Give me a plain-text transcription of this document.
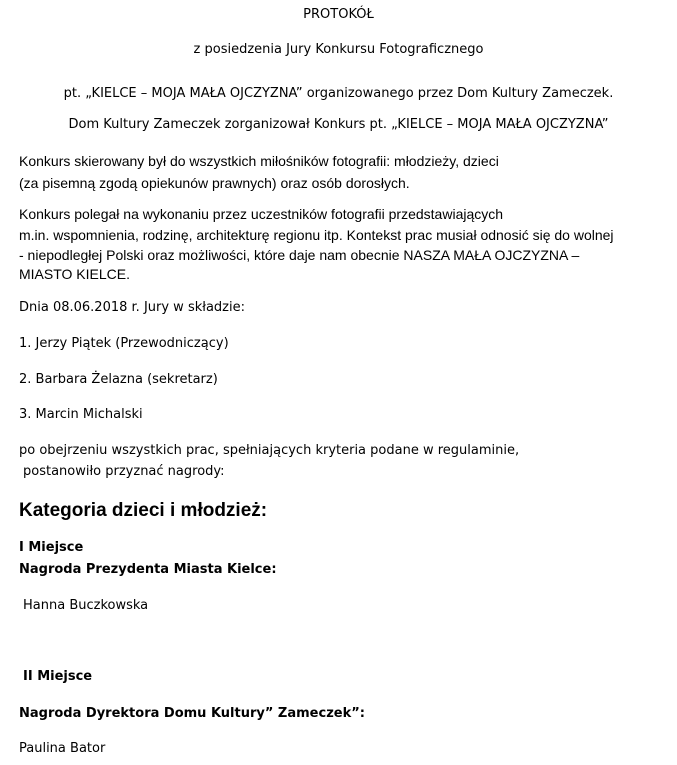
PROTOKÓŁ
z posiedzenia Jury Konkursu Fotograficznego
pt. „KIELCE – MOJA MAŁA OJCZYZNA” organizowanego przez Dom Kultury Zameczek.
Dom Kultury Zameczek zorganizował Konkurs pt. „KIELCE – MOJA MAŁA OJCZYZNA”
Konkurs skierowany był do wszystkich miłośników fotografii: młodzieży, dzieci
(za pisemną zgodą opiekunów prawnych) oraz osób dorosłych.
Konkurs polegał na wykonaniu przez uczestników fotografii przedstawiających
m.in. wspomnienia, rodzinę, architekturę regionu itp. Kontekst prac musiał odnosić się do wolnej
- niepodległej Polski oraz możliwości, które daje nam obecnie NASZA MAŁA OJCZYZNA –
MIASTO KIELCE.
Dnia 08.06.2018 r. Jury w składzie:
1. Jerzy Piątek (Przewodniczący)
2. Barbara Żelazna (sekretarz)
3. Marcin Michalski
po obejrzeniu wszystkich prac, spełniających kryteria podane w regulaminie,
postanowiło przyznać nagrody:
Kategoria dzieci i młodzież:
I Miejsce
Nagroda Prezydenta Miasta Kielce:
Hanna Buczkowska
II Miejsce
Nagroda Dyrektora Domu Kultury” Zameczek”:
Paulina Bator
